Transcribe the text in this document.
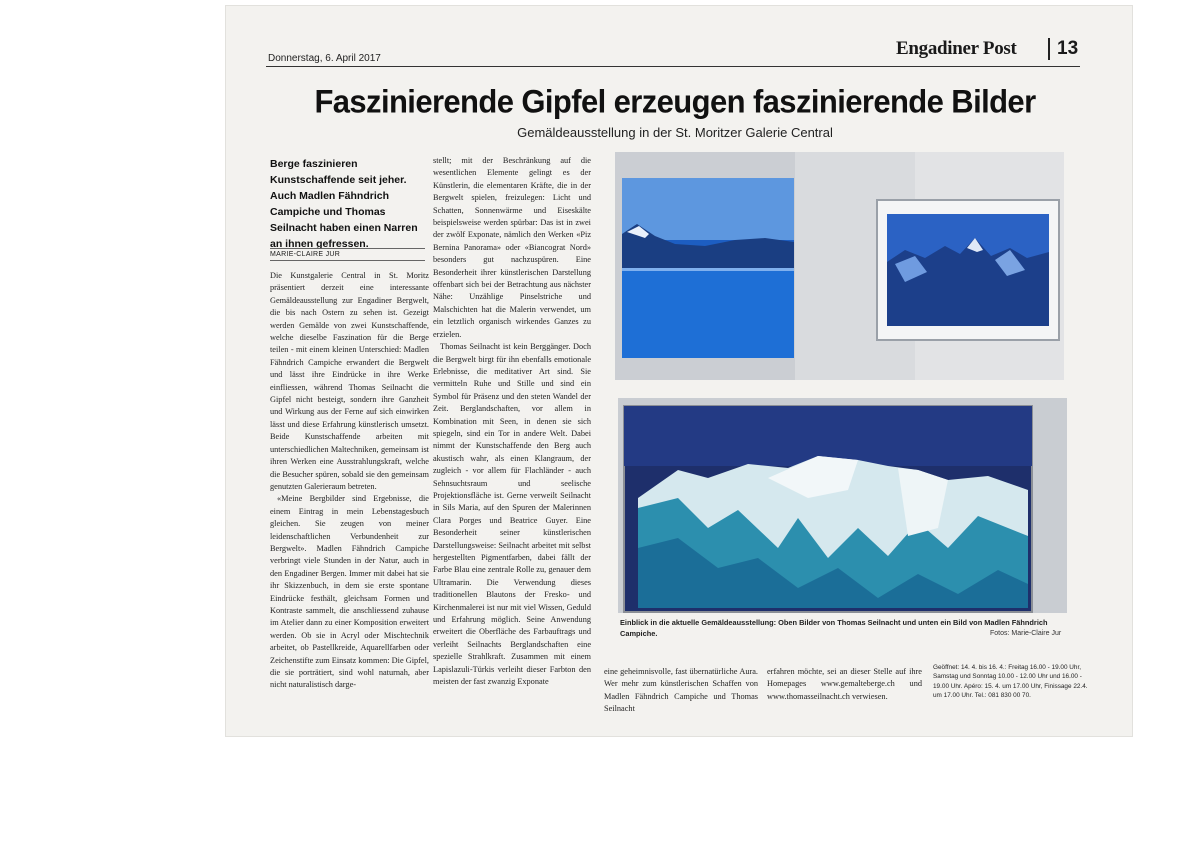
Donnerstag, 6. April 2017	Engadiner Post	13
Faszinierende Gipfel erzeugen faszinierende Bilder
Gemäldeausstellung in der St. Moritzer Galerie Central
Berge faszinieren Kunstschaffende seit jeher. Auch Madlen Fähndrich Campiche und Thomas Seilnacht haben einen Narren an ihnen gefressen.
MARIE-CLAIRE JUR

Die Kunstgalerie Central in St. Moritz präsentiert derzeit eine interessante Gemäldeausstellung zur Engadiner Bergwelt, die bis nach Ostern zu sehen ist. Gezeigt werden Gemälde von zwei Kunstschaffende, welche dieselbe Faszination für die Berge teilen - mit einem kleinen Unterschied: Madlen Fähndrich Campiche erwandert die Bergwelt und lässt ihre Eindrücke in ihre Werke einfliessen, während Thomas Seilnacht die Gipfel nicht besteigt, sondern ihre Ganzheit und Wirkung aus der Ferne auf sich einwirken lässt und diese Erfahrung künstlerisch umsetzt. Beide Kunstschaffende arbeiten mit unterschiedlichen Maltechniken, gemeinsam ist ihren Werken eine Ausstrahlungskraft, welche die Besucher spüren, sobald sie den gemeinsam genutzten Galerieraum betreten.

«Meine Bergbilder sind Ergebnisse, die einem Eintrag in mein Lebenstagesbuch gleichen. Sie zeugen von meiner leidenschaftlichen Verbundenheit zur Bergwelt». Madlen Fähndrich Campiche verbringt viele Stunden in der Natur, auch in den Engadiner Bergen. Immer mit dabei hat sie ihr Skizzenbuch, in dem sie erste spontane Eindrücke festhält, gleichsam Formen und Kontraste sammelt, die anschliessend zuhause im Atelier dann zu einer Komposition erweitert werden. Ob sie in Acryl oder Mischtechnik arbeitet, ob Pastellkreide, Aquarellfarben oder Zeichenstifte zum Einsatz kommen: Die Gipfel, die sie porträtiert, sind wohl naturnah, aber nicht naturalistisch darge-

stellt; mit der Beschränkung auf die wesentlichen Elemente gelingt es der Künstlerin, die elementaren Kräfte, die in der Bergwelt spielen, freizulegen: Licht und Schatten, Sonnenwärme und Eiseskälte beispielsweise werden spürbar: Das ist in zwei der zwölf Exponate, nämlich den Werken «Piz Bernina Panorama» oder «Biancograt Nord» besonders gut nachzuspüren. Eine Besonderheit ihrer künstlerischen Darstellung offenbart sich bei der Betrachtung aus nächster Nähe: Unzählige Pinselstriche und Malschichten hat die Malerin verwendet, um ein letztlich organisch wirkendes Ganzes zu erzielen.

Thomas Seilnacht ist kein Berggänger. Doch die Bergwelt birgt für ihn ebenfalls emotionale Erlebnisse, die meditativer Art sind. Sie vermitteln Ruhe und Stille und sind ein Symbol für Präsenz und den steten Wandel der Zeit. Berglandschaften, vor allem in Kombination mit Seen, in denen sie sich spiegeln, sind ein Tor in andere Welt. Dabei nimmt der Kunstschaffende den Berg auch akustisch wahr, als einen Klangraum, der zugleich - vor allem für Flachländer - auch Sehnsuchtsraum und seelische Projektionsfläche ist. Gerne verweilt Seilnacht in Sils Maria, auf den Spuren der Malerinnen Clara Porges und Beatrice Guyer. Eine Besonderheit seiner künstlerischen Darstellungsweise: Seilnacht arbeitet mit selbst hergestellten Pigmentfarben, dabei fällt der Farbe Blau eine zentrale Rolle zu, genauer dem Ultramarin. Die Verwendung dieses traditionellen Blautons der Fresko- und Kirchenmalerei ist nur mit viel Wissen, Geduld und Erfahrung möglich. Seine Anwendung erweitert die Oberfläche des Farbauftrags und verleiht Seilnachts Berglandschaften eine spezielle Strahlkraft. Zusammen mit einem Lapislazuli-Türkis verleiht dieser Farbton den meisten der fast zwanzig Exponate

Einblick in die aktuelle Gemäldeausstellung: Oben Bilder von Thomas Seilnacht und unten ein Bild von Madlen Fähndrich Campiche.	Fotos: Marie-Claire Jur

eine geheimnisvolle, fast übernatürliche Aura. Wer mehr zum künstlerischen Schaffen von Madlen Fähndrich Campiche und Thomas Seilnacht

erfahren möchte, sei an dieser Stelle auf ihre Homepages www.gemalteberge.ch und www.thomasseilnacht.ch verwiesen.

Geöffnet: 14. 4. bis 16. 4.: Freitag 16.00 - 19.00 Uhr, Samstag und Sonntag 10.00 - 12.00 Uhr und 16.00 - 19.00 Uhr. Apéro: 15. 4. um 17.00 Uhr, Finissage 22.4. um 17.00 Uhr. Tel.: 081 830 00 70.
